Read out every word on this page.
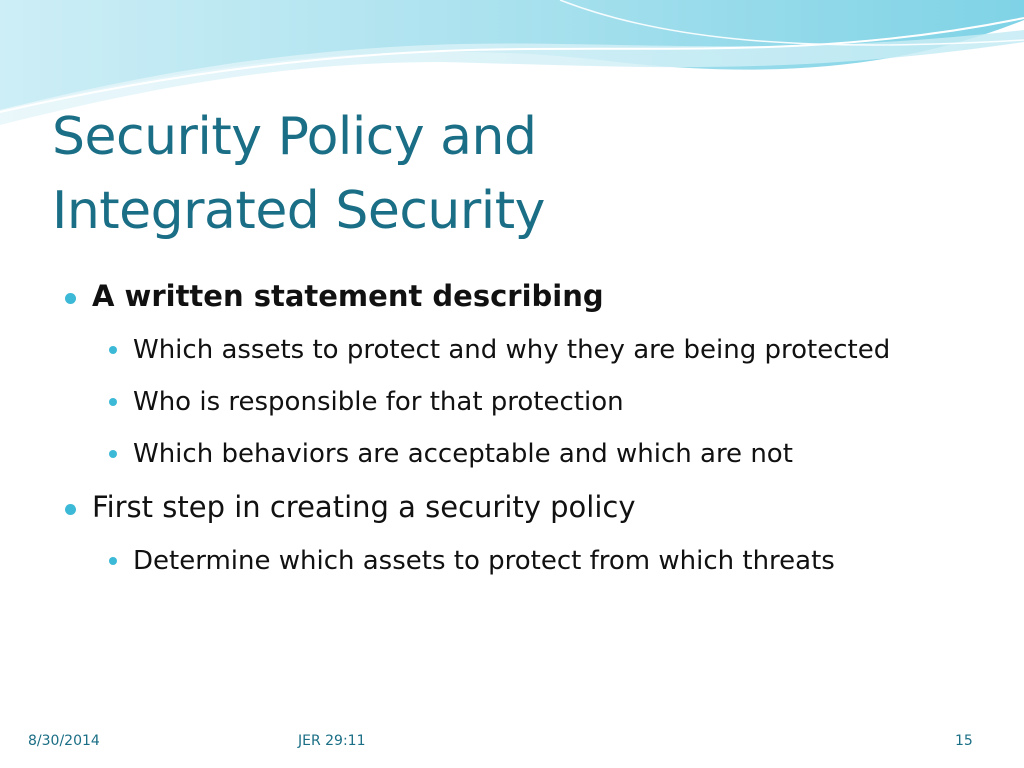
Security Policy and
Integrated Security
A written statement describing
Which assets to protect and why they are being protected
Who is responsible for that protection
Which behaviors are acceptable and which are not
First step in creating a security policy
Determine which assets to protect from which threats
8/30/2014	JER 29:11	15
